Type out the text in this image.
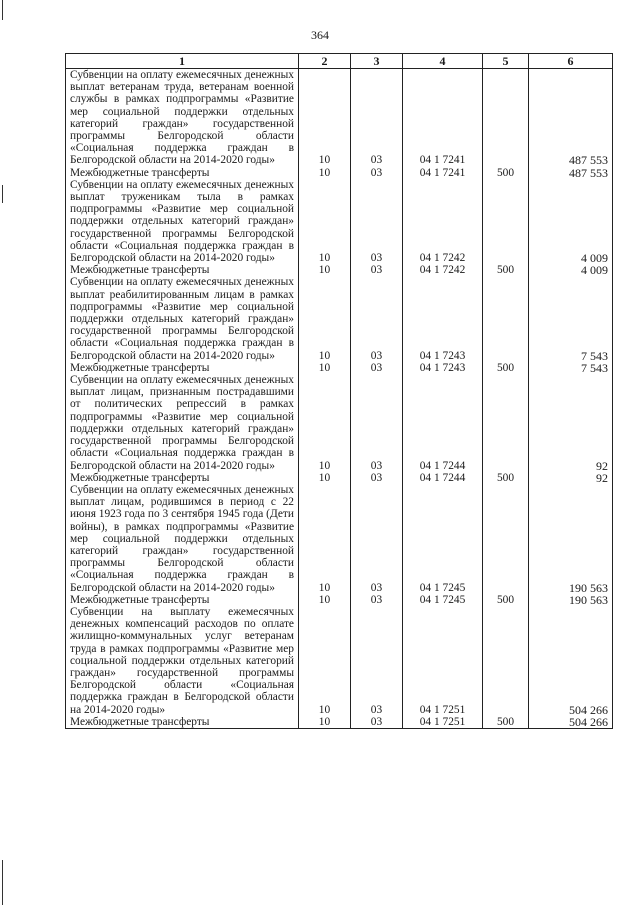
364
1	2	3	4	5	6
Субвенции на оплату ежемесячных денежных выплат ветеранам труда, ветеранам военной службы в рамках подпрограммы «Развитие мер социальной поддержки отдельных категорий граждан» государственной программы Белгородской области «Социальная поддержка граждан в Белгородской области на 2014-2020 годы»	10	03	04 1 7241		487 553
Межбюджетные трансферты	10	03	04 1 7241	500	487 553
Субвенции на оплату ежемесячных денежных выплат труженикам тыла в рамках подпрограммы «Развитие мер социальной поддержки отдельных категорий граждан» государственной программы Белгородской области «Социальная поддержка граждан в Белгородской области на 2014-2020 годы»	10	03	04 1 7242		4 009
Межбюджетные трансферты	10	03	04 1 7242	500	4 009
Субвенции на оплату ежемесячных денежных выплат реабилитированным лицам в рамках подпрограммы «Развитие мер социальной поддержки отдельных категорий граждан» государственной программы Белгородской области «Социальная поддержка граждан в Белгородской области на 2014-2020 годы»	10	03	04 1 7243		7 543
Межбюджетные трансферты	10	03	04 1 7243	500	7 543
Субвенции на оплату ежемесячных денежных выплат лицам, признанным пострадавшими от политических репрессий в рамках подпрограммы «Развитие мер социальной поддержки отдельных категорий граждан» государственной программы Белгородской области «Социальная поддержка граждан в Белгородской области на 2014-2020 годы»	10	03	04 1 7244		92
Межбюджетные трансферты	10	03	04 1 7244	500	92
Субвенции на оплату ежемесячных денежных выплат лицам, родившимся в период с 22 июня 1923 года по 3 сентября 1945 года (Дети войны), в рамках подпрограммы «Развитие мер социальной поддержки отдельных категорий граждан» государственной программы Белгородской области «Социальная поддержка граждан в Белгородской области на 2014-2020 годы»	10	03	04 1 7245		190 563
Межбюджетные трансферты	10	03	04 1 7245	500	190 563
Субвенции на выплату ежемесячных денежных компенсаций расходов по оплате жилищно-коммунальных услуг ветеранам труда в рамках подпрограммы «Развитие мер социальной поддержки отдельных категорий граждан» государственной программы Белгородской области «Социальная поддержка граждан в Белгородской области на 2014-2020 годы»	10	03	04 1 7251		504 266
Межбюджетные трансферты	10	03	04 1 7251	500	504 266
